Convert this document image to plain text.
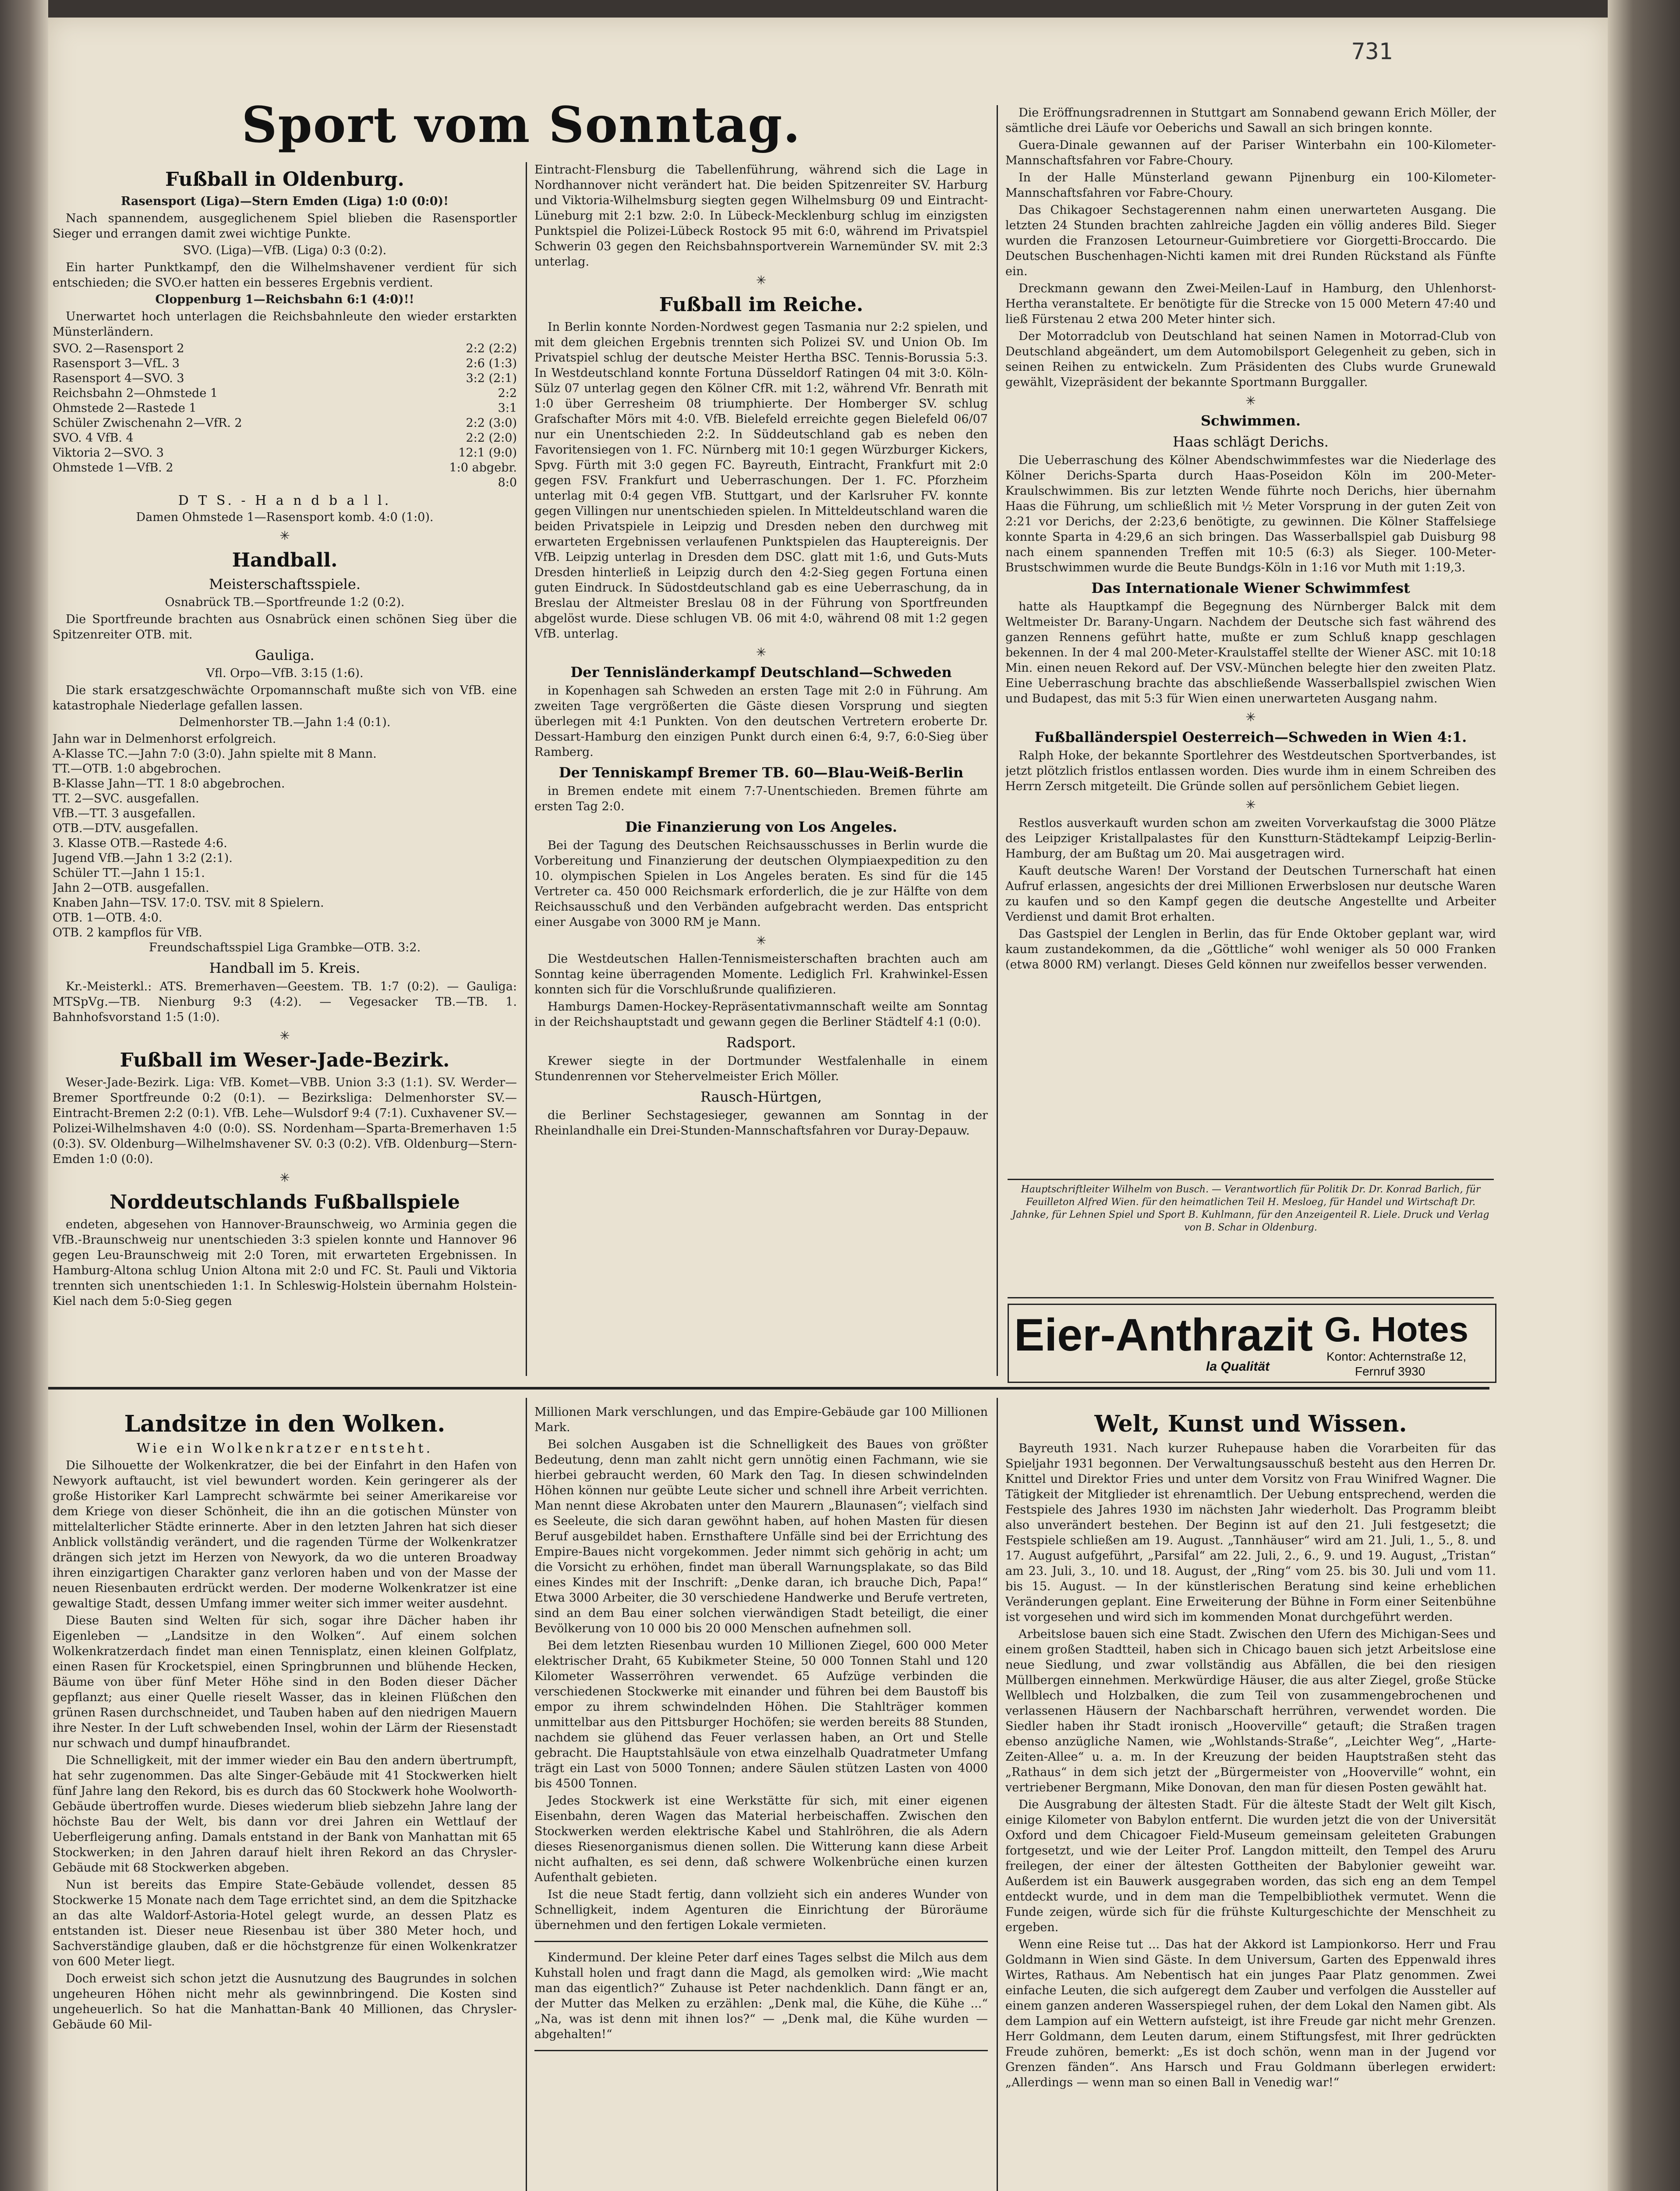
731
Sport vom Sonntag.
Fußball in Oldenburg.

Rasensport (Liga)—Stern Emden (Liga) 1:0 (0:0)!

Nach spannendem, ausgeglichenem Spiel blieben die Rasensportler Sieger und errangen damit zwei wichtige Punkte.

SVO. (Liga)—VfB. (Liga) 0:3 (0:2).

Ein harter Punktkampf, den die Wilhelmshavener verdient für sich entschieden; die SVO.er hatten ein besseres Ergebnis verdient.

Cloppenburg 1—Reichsbahn 6:1 (4:0)!!

Unerwartet hoch unterlagen die Reichsbahnleute den wieder erstarkten Münsterländern.

SVO. 2—Rasensport 2	2:2 (2:2)
Rasensport 3—VfL. 3	2:6 (1:3)
Rasensport 4—SVO. 3	3:2 (2:1)
Reichsbahn 2—Ohmstede 1	2:2
Ohmstede 2—Rastede 1	3:1
Schüler Zwischenahn 2—VfR. 2	2:2 (3:0)
SVO. 4 VfB. 4	2:2 (2:0)
Viktoria 2—SVO. 3	12:1 (9:0)
Ohmstede 1—VfB. 2	1:0 abgebr.
	8:0
D T S. - H a n d b a l l.

Damen Ohmstede 1—Rasensport komb. 4:0 (1:0).

✳
Handball.
Meisterschaftsspiele.

Osnabrück TB.—Sportfreunde 1:2 (0:2).

Die Sportfreunde brachten aus Osnabrück einen schönen Sieg über die Spitzenreiter OTB. mit.

Gauliga.

Vfl. Orpo—VfB. 3:15 (1:6).

Die stark ersatzgeschwächte Orpomannschaft mußte sich von VfB. eine katastrophale Niederlage gefallen lassen.

Delmenhorster TB.—Jahn 1:4 (0:1).

Jahn war in Delmenhorst erfolgreich.

A-Klasse TC.—Jahn 7:0 (3:0). Jahn spielte mit 8 Mann.

TT.—OTB. 1:0 abgebrochen.

B-Klasse Jahn—TT. 1 8:0 abgebrochen.

TT. 2—SVC. ausgefallen.

VfB.—TT. 3 ausgefallen.

OTB.—DTV. ausgefallen.

3. Klasse OTB.—Rastede 4:6.

Jugend VfB.—Jahn 1 3:2 (2:1).

Schüler TT.—Jahn 1 15:1.

Jahn 2—OTB. ausgefallen.

Knaben Jahn—TSV. 17:0. TSV. mit 8 Spielern.

OTB. 1—OTB. 4:0.

OTB. 2 kampflos für VfB.

Freundschaftsspiel Liga Grambke—OTB. 3:2.

Handball im 5. Kreis.

Kr.-Meisterkl.: ATS. Bremerhaven—Geestem. TB. 1:7 (0:2). — Gauliga: MTSpVg.—TB. Nienburg 9:3 (4:2). — Vegesacker TB.—TB. 1. Bahnhofsvorstand 1:5 (1:0).

✳
Fußball im Weser-Jade-Bezirk.

Weser-Jade-Bezirk. Liga: VfB. Komet—VBB. Union 3:3 (1:1). SV. Werder—Bremer Sportfreunde 0:2 (0:1). — Bezirksliga: Delmenhorster SV.—Eintracht-Bremen 2:2 (0:1). VfB. Lehe—Wulsdorf 9:4 (7:1). Cuxhavener SV.—Polizei-Wilhelmshaven 4:0 (0:0). SS. Nordenham—Sparta-Bremerhaven 1:5 (0:3). SV. Oldenburg—Wilhelmshavener SV. 0:3 (0:2). VfB. Oldenburg—Stern-Emden 1:0 (0:0).

✳
Norddeutschlands Fußballspiele

endeten, abgesehen von Hannover-Braunschweig, wo Arminia gegen die VfB.-Braunschweig nur unentschieden 3:3 spielen konnte und Hannover 96 gegen Leu-Braunschweig mit 2:0 Toren, mit erwarteten Ergebnissen. In Hamburg-Altona schlug Union Altona mit 2:0 und FC. St. Pauli und Viktoria trennten sich unentschieden 1:1. In Schleswig-Holstein übernahm Holstein-Kiel nach dem 5:0-Sieg gegen

Eintracht-Flensburg die Tabellenführung, während sich die Lage in Nordhannover nicht verändert hat. Die beiden Spitzenreiter SV. Harburg und Viktoria-Wilhelmsburg siegten gegen Wilhelmsburg 09 und Eintracht-Lüneburg mit 2:1 bzw. 2:0. In Lübeck-Mecklenburg schlug im einzigsten Punktspiel die Polizei-Lübeck Rostock 95 mit 6:0, während im Privatspiel Schwerin 03 gegen den Reichsbahnsportverein Warnemünder SV. mit 2:3 unterlag.

✳
Fußball im Reiche.

In Berlin konnte Norden-Nordwest gegen Tasmania nur 2:2 spielen, und mit dem gleichen Ergebnis trennten sich Polizei SV. und Union Ob. Im Privatspiel schlug der deutsche Meister Hertha BSC. Tennis-Borussia 5:3. In Westdeutschland konnte Fortuna Düsseldorf Ratingen 04 mit 3:0. Köln-Sülz 07 unterlag gegen den Kölner CfR. mit 1:2, während Vfr. Benrath mit 1:0 über Gerresheim 08 triumphierte. Der Homberger SV. schlug Grafschafter Mörs mit 4:0. VfB. Bielefeld erreichte gegen Bielefeld 06/07 nur ein Unentschieden 2:2. In Süddeutschland gab es neben den Favoritensiegen von 1. FC. Nürnberg mit 10:1 gegen Würzburger Kickers, Spvg. Fürth mit 3:0 gegen FC. Bayreuth, Eintracht, Frankfurt mit 2:0 gegen FSV. Frankfurt und Ueberraschungen. Der 1. FC. Pforzheim unterlag mit 0:4 gegen VfB. Stuttgart, und der Karlsruher FV. konnte gegen Villingen nur unentschieden spielen. In Mitteldeutschland waren die beiden Privatspiele in Leipzig und Dresden neben den durchweg mit erwarteten Ergebnissen verlaufenen Punktspielen das Hauptereignis. Der VfB. Leipzig unterlag in Dresden dem DSC. glatt mit 1:6, und Guts-Muts Dresden hinterließ in Leipzig durch den 4:2-Sieg gegen Fortuna einen guten Eindruck. In Südostdeutschland gab es eine Ueberraschung, da in Breslau der Altmeister Breslau 08 in der Führung von Sportfreunden abgelöst wurde. Diese schlugen VB. 06 mit 4:0, während 08 mit 1:2 gegen VfB. unterlag.

✳
Der Tennisländerkampf Deutschland—Schweden

in Kopenhagen sah Schweden an ersten Tage mit 2:0 in Führung. Am zweiten Tage vergrößerten die Gäste diesen Vorsprung und siegten überlegen mit 4:1 Punkten. Von den deutschen Vertretern eroberte Dr. Dessart-Hamburg den einzigen Punkt durch einen 6:4, 9:7, 6:0-Sieg über Ramberg.

Der Tenniskampf Bremer TB. 60—Blau-Weiß-Berlin

in Bremen endete mit einem 7:7-Unentschieden. Bremen führte am ersten Tag 2:0.

Die Finanzierung von Los Angeles.

Bei der Tagung des Deutschen Reichsausschusses in Berlin wurde die Vorbereitung und Finanzierung der deutschen Olympiaexpedition zu den 10. olympischen Spielen in Los Angeles beraten. Es sind für die 145 Vertreter ca. 450 000 Reichsmark erforderlich, die je zur Hälfte von dem Reichsausschuß und den Verbänden aufgebracht werden. Das entspricht einer Ausgabe von 3000 RM je Mann.

✳

Die Westdeutschen Hallen-Tennismeisterschaften brachten auch am Sonntag keine überragenden Momente. Lediglich Frl. Krahwinkel-Essen konnten sich für die Vorschlußrunde qualifizieren.

Hamburgs Damen-Hockey-Repräsentativmannschaft weilte am Sonntag in der Reichshauptstadt und gewann gegen die Berliner Städtelf 4:1 (0:0).

Radsport.

Krewer siegte in der Dortmunder Westfalenhalle in einem Stundenrennen vor Stehervelmeister Erich Möller.

Rausch-Hürtgen,

die Berliner Sechstagesieger, gewannen am Sonntag in der Rheinlandhalle ein Drei-Stunden-Mannschaftsfahren vor Duray-Depauw.

Die Eröffnungsradrennen in Stuttgart am Sonnabend gewann Erich Möller, der sämtliche drei Läufe vor Oeberichs und Sawall an sich bringen konnte.

Guera-Dinale gewannen auf der Pariser Winterbahn ein 100-Kilometer-Mannschaftsfahren vor Fabre-Choury.

In der Halle Münsterland gewann Pijnenburg ein 100-Kilometer-Mannschaftsfahren vor Fabre-Choury.

Das Chikagoer Sechstagerennen nahm einen unerwarteten Ausgang. Die letzten 24 Stunden brachten zahlreiche Jagden ein völlig anderes Bild. Sieger wurden die Franzosen Letourneur-Guimbretiere vor Giorgetti-Broccardo. Die Deutschen Buschenhagen-Nichti kamen mit drei Runden Rückstand als Fünfte ein.

Dreckmann gewann den Zwei-Meilen-Lauf in Hamburg, den Uhlenhorst-Hertha veranstaltete. Er benötigte für die Strecke von 15 000 Metern 47:40 und ließ Fürstenau 2 etwa 200 Meter hinter sich.

Der Motorradclub von Deutschland hat seinen Namen in Motorrad-Club von Deutschland abgeändert, um dem Automobilsport Gelegenheit zu geben, sich in seinen Reihen zu entwickeln. Zum Präsidenten des Clubs wurde Grunewald gewählt, Vizepräsident der bekannte Sportmann Burggaller.

✳
Schwimmen.
Haas schlägt Derichs.

Die Ueberraschung des Kölner Abendschwimmfestes war die Niederlage des Kölner Derichs-Sparta durch Haas-Poseidon Köln im 200-Meter-Kraulschwimmen. Bis zur letzten Wende führte noch Derichs, hier übernahm Haas die Führung, um schließlich mit ½ Meter Vorsprung in der guten Zeit von 2:21 vor Derichs, der 2:23,6 benötigte, zu gewinnen. Die Kölner Staffelsiege konnte Sparta in 4:29,6 an sich bringen. Das Wasserballspiel gab Duisburg 98 nach einem spannenden Treffen mit 10:5 (6:3) als Sieger. 100-Meter-Brustschwimmen wurde die Beute Bundgs-Köln in 1:16 vor Muth mit 1:19,3.

Das Internationale Wiener Schwimmfest

hatte als Hauptkampf die Begegnung des Nürnberger Balck mit dem Weltmeister Dr. Barany-Ungarn. Nachdem der Deutsche sich fast während des ganzen Rennens geführt hatte, mußte er zum Schluß knapp geschlagen bekennen. In der 4 mal 200-Meter-Kraulstaffel stellte der Wiener ASC. mit 10:18 Min. einen neuen Rekord auf. Der VSV.-München belegte hier den zweiten Platz. Eine Ueberraschung brachte das abschließende Wasserballspiel zwischen Wien und Budapest, das mit 5:3 für Wien einen unerwarteten Ausgang nahm.

✳
Fußballänderspiel Oesterreich—Schweden in Wien 4:1.

Ralph Hoke, der bekannte Sportlehrer des Westdeutschen Sportverbandes, ist jetzt plötzlich fristlos entlassen worden. Dies wurde ihm in einem Schreiben des Herrn Zersch mitgeteilt. Die Gründe sollen auf persönlichem Gebiet liegen.

✳

Restlos ausverkauft wurden schon am zweiten Vorverkaufstag die 3000 Plätze des Leipziger Kristallpalastes für den Kunstturn-Städtekampf Leipzig-Berlin-Hamburg, der am Bußtag um 20. Mai ausgetragen wird.

Kauft deutsche Waren! Der Vorstand der Deutschen Turnerschaft hat einen Aufruf erlassen, angesichts der drei Millionen Erwerbslosen nur deutsche Waren zu kaufen und so den Kampf gegen die deutsche Angestellte und Arbeiter Verdienst und damit Brot erhalten.

Das Gastspiel der Lenglen in Berlin, das für Ende Oktober geplant war, wird kaum zustandekommen, da die „Göttliche“ wohl weniger als 50 000 Franken (etwa 8000 RM) verlangt. Dieses Geld können nur zweifellos besser verwenden.

Hauptschriftleiter Wilhelm von Busch. — Verantwortlich für Politik Dr. Dr. Konrad Barlich, für Feuilleton Alfred Wien. für den heimatlichen Teil H. Mesloeg, für Handel und Wirtschaft Dr. Jahnke, für Lehnen Spiel und Sport B. Kuhlmann, für den Anzeigenteil R. Liele. Druck und Verlag von B. Schar in Oldenburg.

Eier-Anthrazit
la Qualität
G. Hotes
Kontor: Achternstraße 12,
Fernruf 3930
Landsitze in den Wolken.
Wie ein Wolkenkratzer entsteht.

Die Silhouette der Wolkenkratzer, die bei der Einfahrt in den Hafen von Newyork auftaucht, ist viel bewundert worden. Kein geringerer als der große Historiker Karl Lamprecht schwärmte bei seiner Amerikareise vor dem Kriege von dieser Schönheit, die ihn an die gotischen Münster von mittelalterlicher Städte erinnerte. Aber in den letzten Jahren hat sich dieser Anblick vollständig verändert, und die ragenden Türme der Wolkenkratzer drängen sich jetzt im Herzen von Newyork, da wo die unteren Broadway ihren einzigartigen Charakter ganz verloren haben und von der Masse der neuen Riesenbauten erdrückt werden. Der moderne Wolkenkratzer ist eine gewaltige Stadt, dessen Umfang immer weiter sich immer weiter ausdehnt.

Diese Bauten sind Welten für sich, sogar ihre Dächer haben ihr Eigenleben — „Landsitze in den Wolken“. Auf einem solchen Wolkenkratzerdach findet man einen Tennisplatz, einen kleinen Golfplatz, einen Rasen für Krocketspiel, einen Springbrunnen und blühende Hecken, Bäume von über fünf Meter Höhe sind in den Boden dieser Dächer gepflanzt; aus einer Quelle rieselt Wasser, das in kleinen Flüßchen den grünen Rasen durchschneidet, und Tauben haben auf den niedrigen Mauern ihre Nester. In der Luft schwebenden Insel, wohin der Lärm der Riesenstadt nur schwach und dumpf hinaufbrandet.

Die Schnelligkeit, mit der immer wieder ein Bau den andern übertrumpft, hat sehr zugenommen. Das alte Singer-Gebäude mit 41 Stockwerken hielt fünf Jahre lang den Rekord, bis es durch das 60 Stockwerk hohe Woolworth-Gebäude übertroffen wurde. Dieses wiederum blieb siebzehn Jahre lang der höchste Bau der Welt, bis dann vor drei Jahren ein Wettlauf der Ueberfleigerung anfing. Damals entstand in der Bank von Manhattan mit 65 Stockwerken; in den Jahren darauf hielt ihren Rekord an das Chrysler-Gebäude mit 68 Stockwerken abgeben.

Nun ist bereits das Empire State-Gebäude vollendet, dessen 85 Stockwerke 15 Monate nach dem Tage errichtet sind, an dem die Spitzhacke an das alte Waldorf-Astoria-Hotel gelegt wurde, an dessen Platz es entstanden ist. Dieser neue Riesenbau ist über 380 Meter hoch, und Sachverständige glauben, daß er die höchstgrenze für einen Wolkenkratzer von 600 Meter liegt.

Doch erweist sich schon jetzt die Ausnutzung des Baugrundes in solchen ungeheuren Höhen nicht mehr als gewinnbringend. Die Kosten sind ungeheuerlich. So hat die Manhattan-Bank 40 Millionen, das Chrysler-Gebäude 60 Mil-

Millionen Mark verschlungen, und das Empire-Gebäude gar 100 Millionen Mark.

Bei solchen Ausgaben ist die Schnelligkeit des Baues von größter Bedeutung, denn man zahlt nicht gern unnötig einen Fachmann, wie sie hierbei gebraucht werden, 60 Mark den Tag. In diesen schwindelnden Höhen können nur geübte Leute sicher und schnell ihre Arbeit verrichten. Man nennt diese Akrobaten unter den Maurern „Blaunasen“; vielfach sind es Seeleute, die sich daran gewöhnt haben, auf hohen Masten für diesen Beruf ausgebildet haben. Ernsthaftere Unfälle sind bei der Errichtung des Empire-Baues nicht vorgekommen. Jeder nimmt sich gehörig in acht; um die Vorsicht zu erhöhen, findet man überall Warnungsplakate, so das Bild eines Kindes mit der Inschrift: „Denke daran, ich brauche Dich, Papa!“ Etwa 3000 Arbeiter, die 30 verschiedene Handwerke und Berufe vertreten, sind an dem Bau einer solchen vierwändigen Stadt beteiligt, die einer Bevölkerung von 10 000 bis 20 000 Menschen aufnehmen soll.

Bei dem letzten Riesenbau wurden 10 Millionen Ziegel, 600 000 Meter elektrischer Draht, 65 Kubikmeter Steine, 50 000 Tonnen Stahl und 120 Kilometer Wasserröhren verwendet. 65 Aufzüge verbinden die verschiedenen Stockwerke mit einander und führen bei dem Baustoff bis empor zu ihrem schwindelnden Höhen. Die Stahlträger kommen unmittelbar aus den Pittsburger Hochöfen; sie werden bereits 88 Stunden, nachdem sie glühend das Feuer verlassen haben, an Ort und Stelle gebracht. Die Hauptstahlsäule von etwa einzelhalb Quadratmeter Umfang trägt ein Last von 5000 Tonnen; andere Säulen stützen Lasten von 4000 bis 4500 Tonnen.

Jedes Stockwerk ist eine Werkstätte für sich, mit einer eigenen Eisenbahn, deren Wagen das Material herbeischaffen. Zwischen den Stockwerken werden elektrische Kabel und Stahlröhren, die als Adern dieses Riesenorganismus dienen sollen. Die Witterung kann diese Arbeit nicht aufhalten, es sei denn, daß schwere Wolkenbrüche einen kurzen Aufenthalt gebieten.

Ist die neue Stadt fertig, dann vollzieht sich ein anderes Wunder von Schnelligkeit, indem Agenturen die Einrichtung der Büroräume übernehmen und den fertigen Lokale vermieten.

Kindermund. Der kleine Peter darf eines Tages selbst die Milch aus dem Kuhstall holen und fragt dann die Magd, als gemolken wird: „Wie macht man das eigentlich?“ Zuhause ist Peter nachdenklich. Dann fängt er an, der Mutter das Melken zu erzählen: „Denk mal, die Kühe, die Kühe ...“ „Na, was ist denn mit ihnen los?“ — „Denk mal, die Kühe wurden — abgehalten!“

Welt, Kunst und Wissen.

Bayreuth 1931. Nach kurzer Ruhepause haben die Vorarbeiten für das Spieljahr 1931 begonnen. Der Verwaltungsausschuß besteht aus den Herren Dr. Knittel und Direktor Fries und unter dem Vorsitz von Frau Winifred Wagner. Die Tätigkeit der Mitglieder ist ehrenamtlich. Der Uebung entsprechend, werden die Festspiele des Jahres 1930 im nächsten Jahr wiederholt. Das Programm bleibt also unverändert bestehen. Der Beginn ist auf den 21. Juli festgesetzt; die Festspiele schließen am 19. August. „Tannhäuser“ wird am 21. Juli, 1., 5., 8. und 17. August aufgeführt, „Parsifal“ am 22. Juli, 2., 6., 9. und 19. August, „Tristan“ am 23. Juli, 3., 10. und 18. August, der „Ring“ vom 25. bis 30. Juli und vom 11. bis 15. August. — In der künstlerischen Beratung sind keine erheblichen Veränderungen geplant. Eine Erweiterung der Bühne in Form einer Seitenbühne ist vorgesehen und wird sich im kommenden Monat durchgeführt werden.

Arbeitslose bauen sich eine Stadt. Zwischen den Ufern des Michigan-Sees und einem großen Stadtteil, haben sich in Chicago bauen sich jetzt Arbeitslose eine neue Siedlung, und zwar vollständig aus Abfällen, die bei den riesigen Müllbergen einnehmen. Merkwürdige Häuser, die aus alter Ziegel, große Stücke Wellblech und Holzbalken, die zum Teil von zusammengebrochenen und verlassenen Häusern der Nachbarschaft herrühren, verwendet worden. Die Siedler haben ihr Stadt ironisch „Hooverville“ getauft; die Straßen tragen ebenso anzügliche Namen, wie „Wohlstands-Straße“, „Leichter Weg“, „Harte-Zeiten-Allee“ u. a. m. In der Kreuzung der beiden Hauptstraßen steht das „Rathaus“ in dem sich jetzt der „Bürgermeister von „Hooverville“ wohnt, ein vertriebener Bergmann, Mike Donovan, den man für diesen Posten gewählt hat.

Die Ausgrabung der ältesten Stadt. Für die älteste Stadt der Welt gilt Kisch, einige Kilometer von Babylon entfernt. Die wurden jetzt die von der Universität Oxford und dem Chicagoer Field-Museum gemeinsam geleiteten Grabungen fortgesetzt, und wie der Leiter Prof. Langdon mitteilt, den Tempel des Aruru freilegen, der einer der ältesten Gottheiten der Babylonier geweiht war. Außerdem ist ein Bauwerk ausgegraben worden, das sich eng an dem Tempel entdeckt wurde, und in dem man die Tempelbibliothek vermutet. Wenn die Funde zeigen, würde sich für die frühste Kulturgeschichte der Menschheit zu ergeben.

Wenn eine Reise tut ... Das hat der Akkord ist Lampionkorso. Herr und Frau Goldmann in Wien sind Gäste. In dem Universum, Garten des Eppenwald ihres Wirtes, Rathaus. Am Nebentisch hat ein junges Paar Platz genommen. Zwei einfache Leuten, die sich aufgeregt dem Zauber und verfolgen die Aussteller auf einem ganzen anderen Wasserspiegel ruhen, der dem Lokal den Namen gibt. Als dem Lampion auf ein Wettern aufsteigt, ist ihre Freude gar nicht mehr Grenzen. Herr Goldmann, dem Leuten darum, einem Stiftungsfest, mit Ihrer gedrückten Freude zuhören, bemerkt: „Es ist doch schön, wenn man in der Jugend vor Grenzen fänden“. Ans Harsch und Frau Goldmann überlegen erwidert: „Allerdings — wenn man so einen Ball in Venedig war!“
